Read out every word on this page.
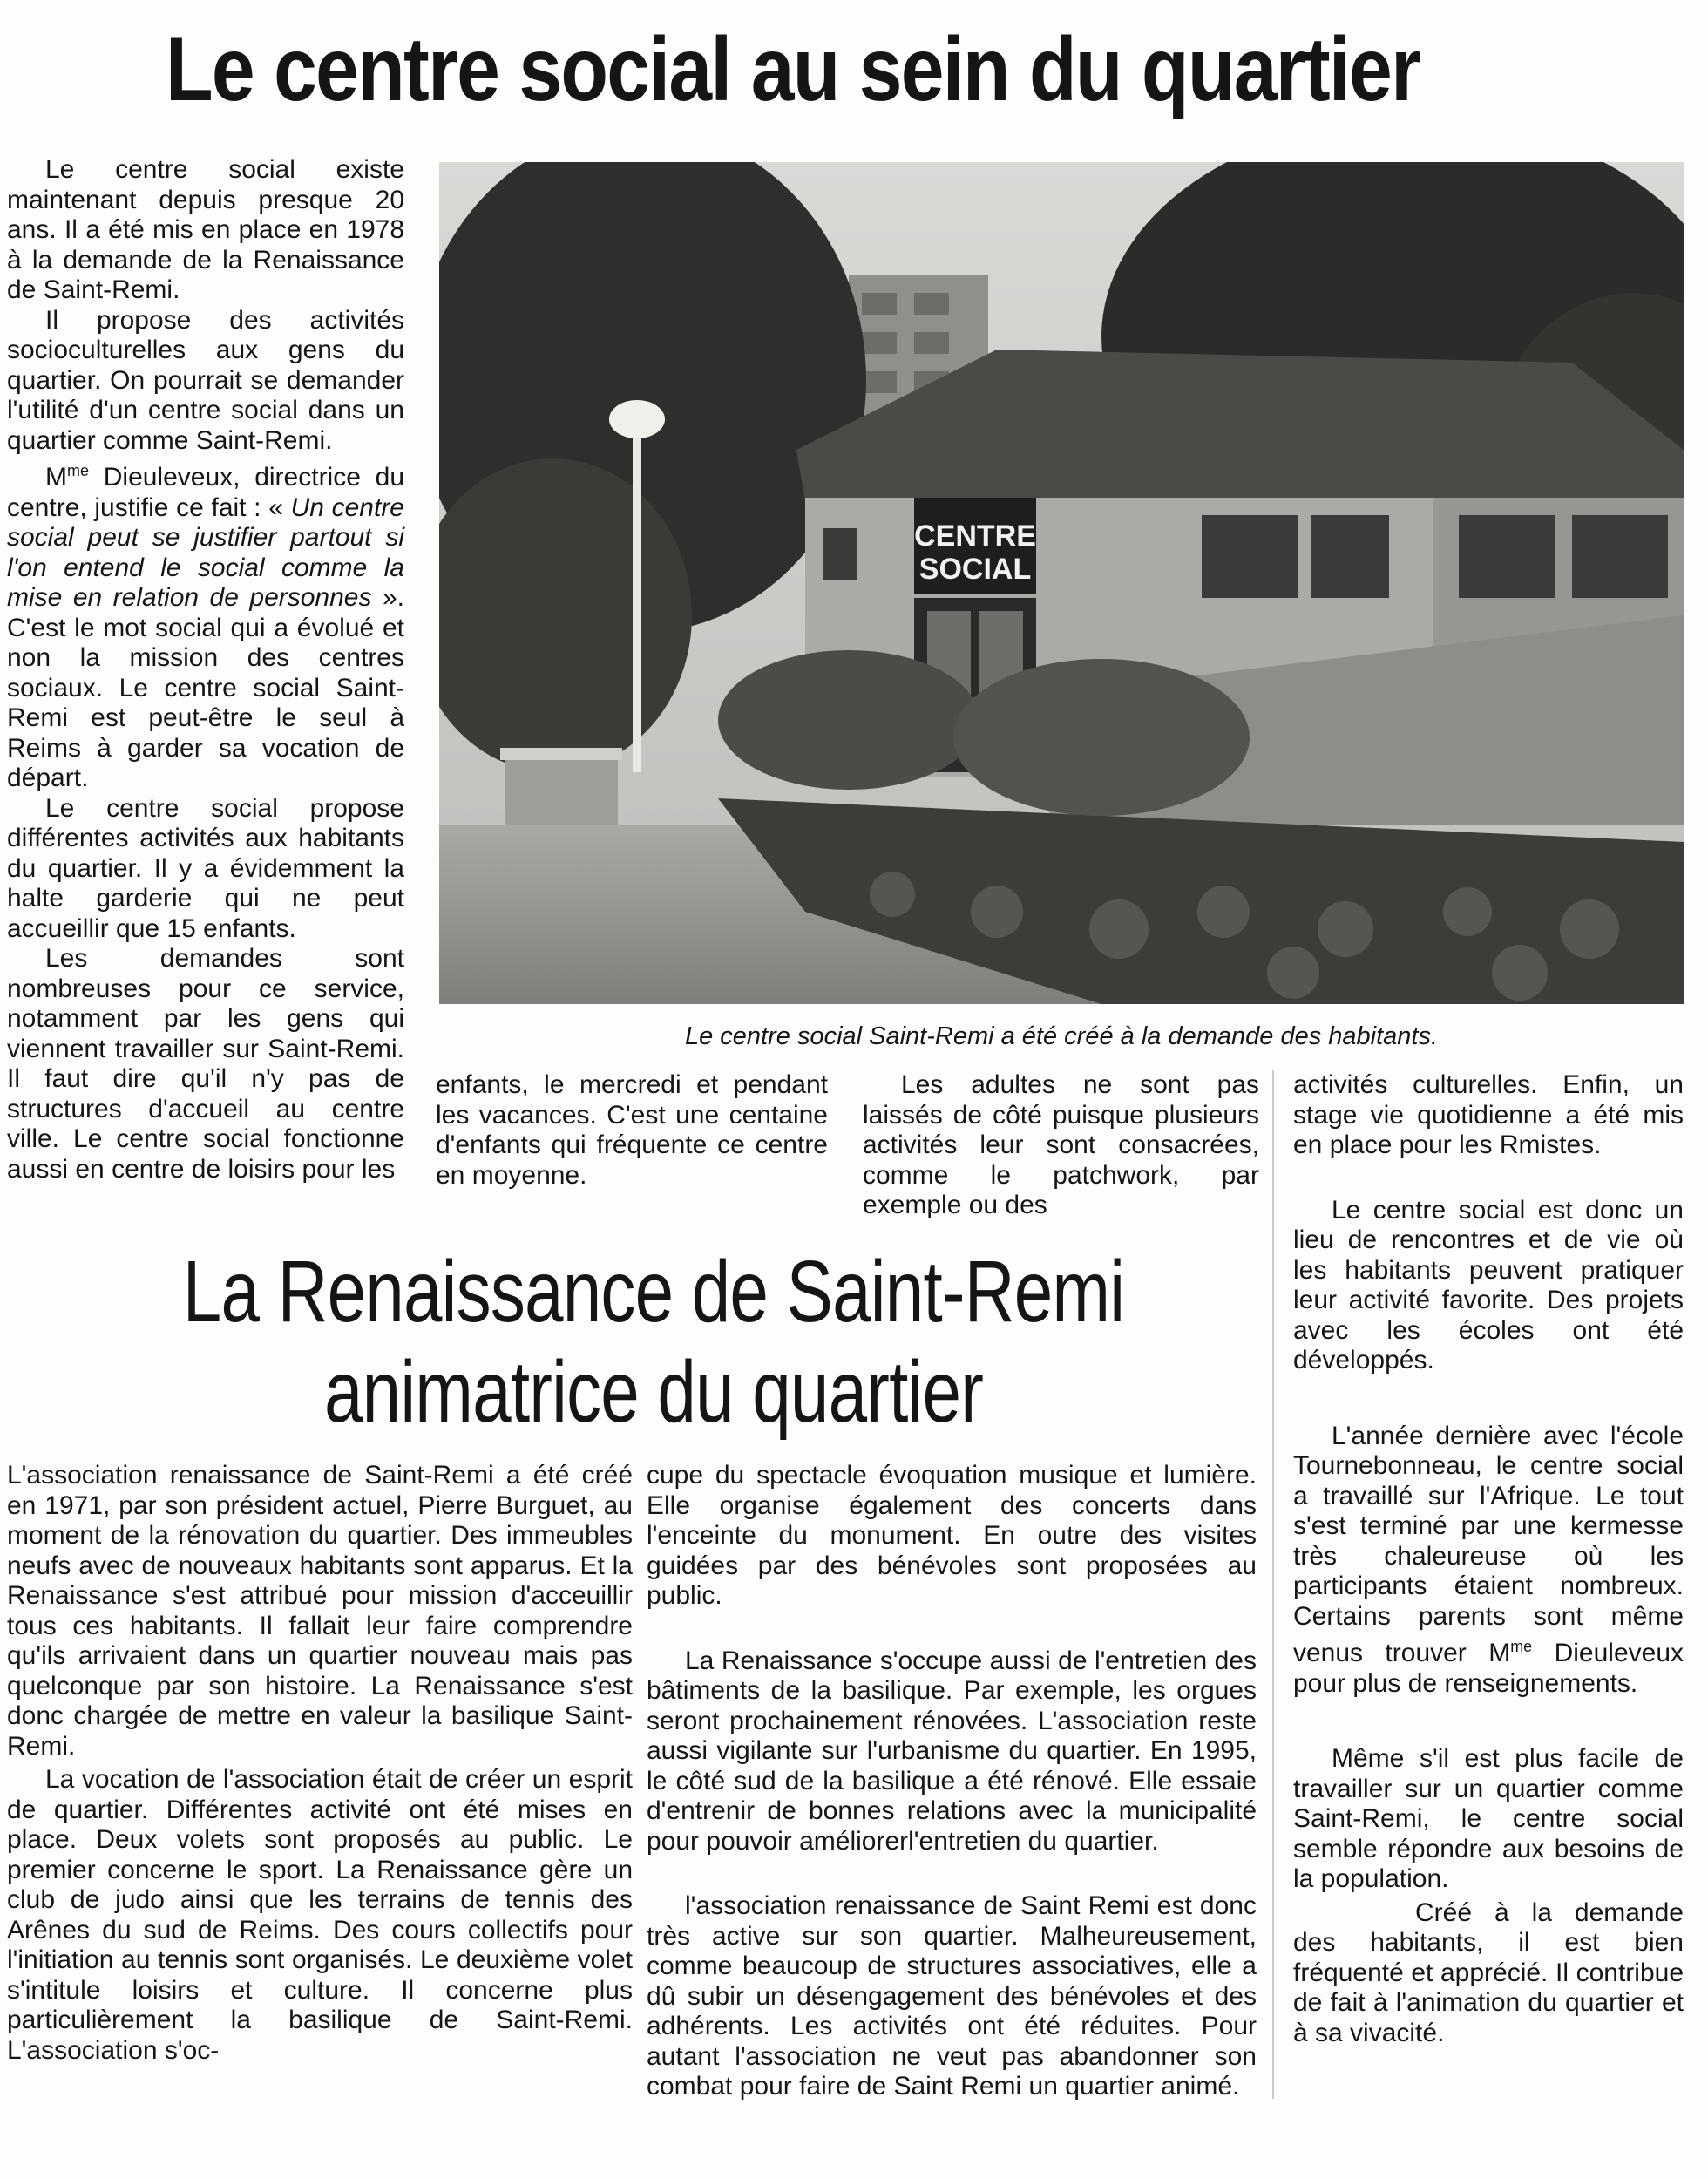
Le centre social au sein du quartier

Le centre social existe maintenant depuis presque 20 ans. Il a été mis en place en 1978 à la demande de la Renaissance de Saint-Remi.

Il propose des activités socioculturelles aux gens du quartier. On pourrait se demander l'utilité d'un centre social dans un quartier comme Saint-Remi.

$M^{me}$ Dieuleveux, directrice du centre, justifie ce fait : « Un centre social peut se justifier partout si l'on entend le social comme la mise en relation de personnes ». C'est le mot social qui a évolué et non la mission des centres sociaux. Le centre social Saint-Remi est peut-être le seul à Reims à garder sa vocation de départ.

Le centre social propose différentes activités aux habitants du quartier. Il y a évidemment la halte garderie qui ne peut accueillir que 15 enfants.

Les demandes sont nombreuses pour ce service, notamment par les gens qui viennent travailler sur Saint-Remi. Il faut dire qu'il n'y pas de structures d'accueil au centre ville. Le centre social fonctionne aussi en centre de loisirs pour les

CENTRE
SOCIAL
Le centre social Saint-Remi a été créé à la demande des habitants.

enfants, le mercredi et pendant les vacances. C'est une centaine d'enfants qui fréquente ce centre en moyenne.

Les adultes ne sont pas laissés de côté puisque plusieurs activités leur sont consacrées, comme le patchwork, par exemple ou des

activités culturelles. Enfin, un stage vie quotidienne a été mis en place pour les Rmistes.

Le centre social est donc un lieu de rencontres et de vie où les habitants peuvent pratiquer leur activité favorite. Des projets avec les écoles ont été développés.

L'année dernière avec l'école Tournebonneau, le centre social a travaillé sur l'Afrique. Le tout s'est terminé par une kermesse très chaleureuse où les participants étaient nombreux. Certains parents sont même venus trouver $M^{me}$ Dieuleveux pour plus de renseignements.

Même s'il est plus facile de travailler sur un quartier comme Saint-Remi, le centre social semble répondre aux besoins de la population.

Créé à la demande des habitants, il est bien fréquenté et apprécié. Il contribue de fait à l'animation du quartier et à sa vivacité.

La Renaissance de Saint-Remi
animatrice du quartier

L'association renaissance de Saint-Remi a été créé en 1971, par son président actuel, Pierre Burguet, au moment de la rénovation du quartier. Des immeubles neufs avec de nouveaux habitants sont apparus. Et la Renaissance s'est attribué pour mission d'acceuillir tous ces habitants. Il fallait leur faire comprendre qu'ils arrivaient dans un quartier nouveau mais pas quelconque par son histoire. La Renaissance s'est donc chargée de mettre en valeur la basilique Saint-Remi.

La vocation de l'association était de créer un esprit de quartier. Différentes activité ont été mises en place. Deux volets sont proposés au public. Le premier concerne le sport. La Renaissance gère un club de judo ainsi que les terrains de tennis des Arênes du sud de Reims. Des cours collectifs pour l'initiation au tennis sont organisés. Le deuxième volet s'intitule loisirs et culture. Il concerne plus particulièrement la basilique de Saint-Remi. L'association s'oc-

cupe du spectacle évoquation musique et lumière. Elle organise également des concerts dans l'enceinte du monument. En outre des visites guidées par des bénévoles sont proposées au public.

La Renaissance s'occupe aussi de l'entretien des bâtiments de la basilique. Par exemple, les orgues seront prochainement rénovées. L'association reste aussi vigilante sur l'urbanisme du quartier. En 1995, le côté sud de la basilique a été rénové. Elle essaie d'entrenir de bonnes relations avec la municipalité pour pouvoir améliorerl'entretien du quartier.

l'association renaissance de Saint Remi est donc très active sur son quartier. Malheureusement, comme beaucoup de structures associatives, elle a dû subir un désengagement des bénévoles et des adhérents. Les activités ont été réduites. Pour autant l'association ne veut pas abandonner son combat pour faire de Saint Remi un quartier animé.
